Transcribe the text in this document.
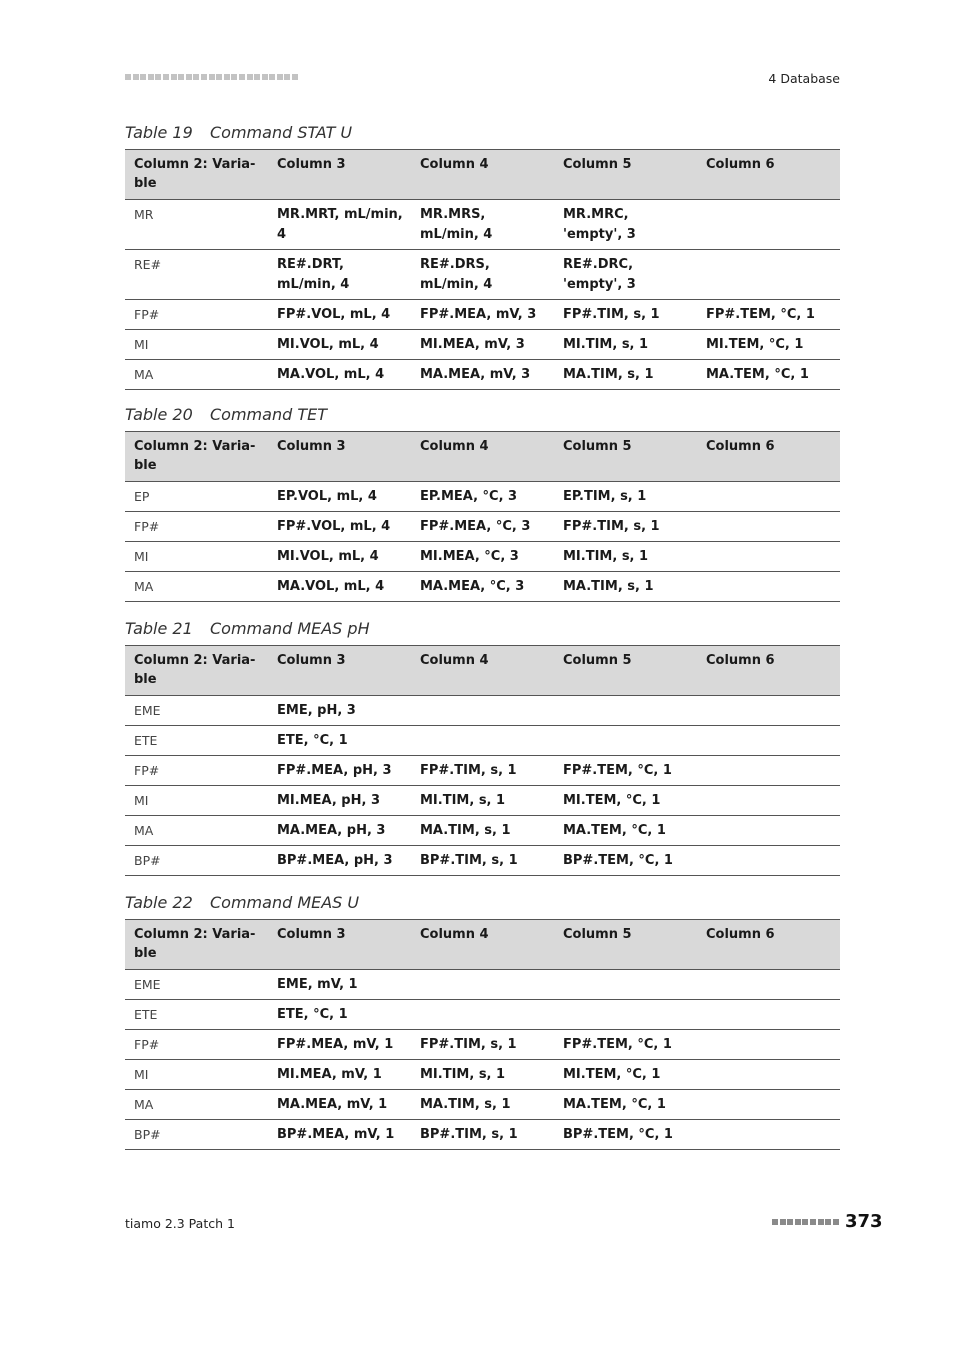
4 Database
Table 19 Command STAT U
Column 2: Varia-ble	Column 3	Column 4	Column 5	Column 6
MR	MR.MRT, mL/min, 4	MR.MRS, mL/min, 4	MR.MRC, 'empty', 3	
RE#	RE#.DRT, mL/min, 4	RE#.DRS, mL/min, 4	RE#.DRC, 'empty', 3	
FP#	FP#.VOL, mL, 4	FP#.MEA, mV, 3	FP#.TIM, s, 1	FP#.TEM, °C, 1
MI	MI.VOL, mL, 4	MI.MEA, mV, 3	MI.TIM, s, 1	MI.TEM, °C, 1
MA	MA.VOL, mL, 4	MA.MEA, mV, 3	MA.TIM, s, 1	MA.TEM, °C, 1
Table 20 Command TET
Column 2: Varia-ble	Column 3	Column 4	Column 5	Column 6
EP	EP.VOL, mL, 4	EP.MEA, °C, 3	EP.TIM, s, 1	
FP#	FP#.VOL, mL, 4	FP#.MEA, °C, 3	FP#.TIM, s, 1	
MI	MI.VOL, mL, 4	MI.MEA, °C, 3	MI.TIM, s, 1	
MA	MA.VOL, mL, 4	MA.MEA, °C, 3	MA.TIM, s, 1	
Table 21 Command MEAS pH
Column 2: Varia-ble	Column 3	Column 4	Column 5	Column 6
EME	EME, pH, 3			
ETE	ETE, °C, 1			
FP#	FP#.MEA, pH, 3	FP#.TIM, s, 1	FP#.TEM, °C, 1	
MI	MI.MEA, pH, 3	MI.TIM, s, 1	MI.TEM, °C, 1	
MA	MA.MEA, pH, 3	MA.TIM, s, 1	MA.TEM, °C, 1	
BP#	BP#.MEA, pH, 3	BP#.TIM, s, 1	BP#.TEM, °C, 1	
Table 22 Command MEAS U
Column 2: Varia-ble	Column 3	Column 4	Column 5	Column 6
EME	EME, mV, 1			
ETE	ETE, °C, 1			
FP#	FP#.MEA, mV, 1	FP#.TIM, s, 1	FP#.TEM, °C, 1	
MI	MI.MEA, mV, 1	MI.TIM, s, 1	MI.TEM, °C, 1	
MA	MA.MEA, mV, 1	MA.TIM, s, 1	MA.TEM, °C, 1	
BP#	BP#.MEA, mV, 1	BP#.TIM, s, 1	BP#.TEM, °C, 1	
tiamo 2.3 Patch 1	373
